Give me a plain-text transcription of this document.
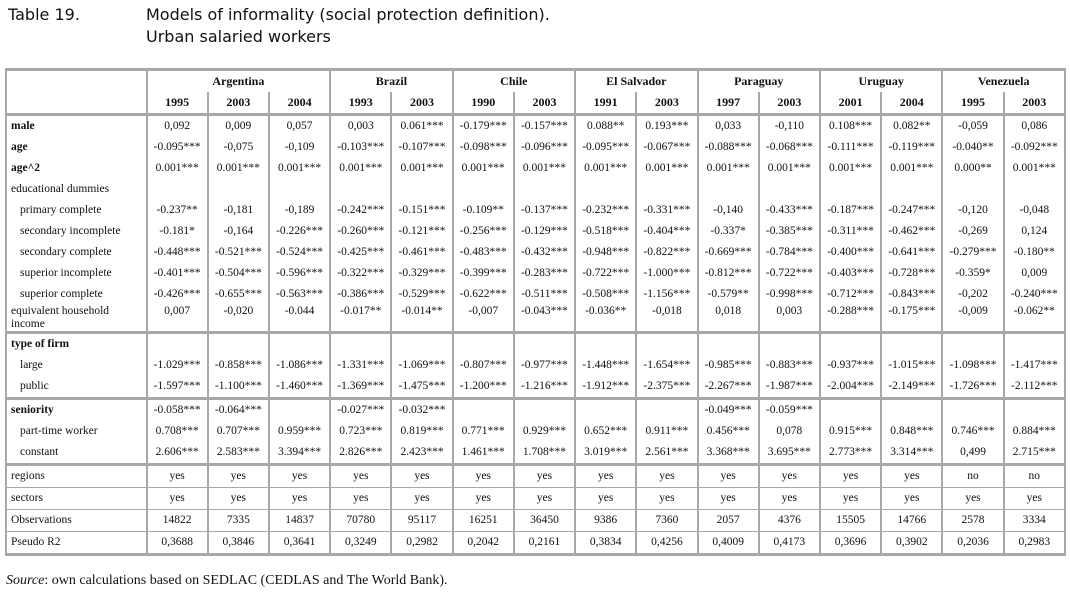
Table 19.	Models of informality (social protection definition).
Urban salaried workers
	Argentina			Brazil		Chile		El Salvador		Paraguay		Uruguay		Venezuela	
	1995	2003	2004	1993	2003	1990	2003	1991	2003	1997	2003	2001	2004	1995	2003
male	0,092	0,009	0,057	0,003	0.061***	-0.179***	-0.157***	0.088**	0.193***	0,033	-0,110	0.108***	0.082**	-0,059	0,086
age	-0.095***	-0,075	-0,109	-0.103***	-0.107***	-0.098***	-0.096***	-0.095***	-0.067***	-0.088***	-0.068***	-0.111***	-0.119***	-0.040**	-0.092***
age^2	0.001***	0.001***	0.001***	0.001***	0.001***	0.001***	0.001***	0.001***	0.001***	0.001***	0.001***	0.001***	0.001***	0.000**	0.001***
educational dummies															
primary complete	-0.237**	-0,181	-0,189	-0.242***	-0.151***	-0.109**	-0.137***	-0.232***	-0.331***	-0,140	-0.433***	-0.187***	-0.247***	-0,120	-0,048
secondary incomplete	-0.181*	-0,164	-0.226***	-0.260***	-0.121***	-0.256***	-0.129***	-0.518***	-0.404***	-0.337*	-0.385***	-0.311***	-0.462***	-0,269	0,124
secondary complete	-0.448***	-0.521***	-0.524***	-0.425***	-0.461***	-0.483***	-0.432***	-0.948***	-0.822***	-0.669***	-0.784***	-0.400***	-0.641***	-0.279***	-0.180**
superior incomplete	-0.401***	-0.504***	-0.596***	-0.322***	-0.329***	-0.399***	-0.283***	-0.722***	-1.000***	-0.812***	-0.722***	-0.403***	-0.728***	-0.359*	0,009
superior complete	-0.426***	-0.655***	-0.563***	-0.386***	-0.529***	-0.622***	-0.511***	-0.508***	-1.156***	-0.579**	-0.998***	-0.712***	-0.843***	-0,202	-0.240***
equivalent household income	0,007	-0,020	-0.044	-0.017**	-0.014**	-0,007	-0.043***	-0.036**	-0,018	0,018	0,003	-0.288***	-0.175***	-0,009	-0.062**
type of firm															
large	-1.029***	-0.858***	-1.086***	-1.331***	-1.069***	-0.807***	-0.977***	-1.448***	-1.654***	-0.985***	-0.883***	-0.937***	-1.015***	-1.098***	-1.417***
public	-1.597***	-1.100***	-1.460***	-1.369***	-1.475***	-1.200***	-1.216***	-1.912***	-2.375***	-2.267***	-1.987***	-2.004***	-2.149***	-1.726***	-2.112***
seniority	-0.058***	-0.064***		-0.027***	-0.032***					-0.049***	-0.059***				
part-time worker	0.708***	0.707***	0.959***	0.723***	0.819***	0.771***	0.929***	0.652***	0.911***	0.456***	0,078	0.915***	0.848***	0.746***	0.884***
constant	2.606***	2.583***	3.394***	2.826***	2.423***	1.461***	1.708***	3.019***	2.561***	3.368***	3.695***	2.773***	3.314***	0,499	2.715***
regions	yes	yes	yes	yes	yes	yes	yes	yes	yes	yes	yes	yes	yes	no	no
sectors	yes	yes	yes	yes	yes	yes	yes	yes	yes	yes	yes	yes	yes	yes	yes
Observations	14822	7335	14837	70780	95117	16251	36450	9386	7360	2057	4376	15505	14766	2578	3334
Pseudo R2	0,3688	0,3846	0,3641	0,3249	0,2982	0,2042	0,2161	0,3834	0,4256	0,4009	0,4173	0,3696	0,3902	0,2036	0,2983
Source: own calculations based on SEDLAC (CEDLAS and The World Bank).
